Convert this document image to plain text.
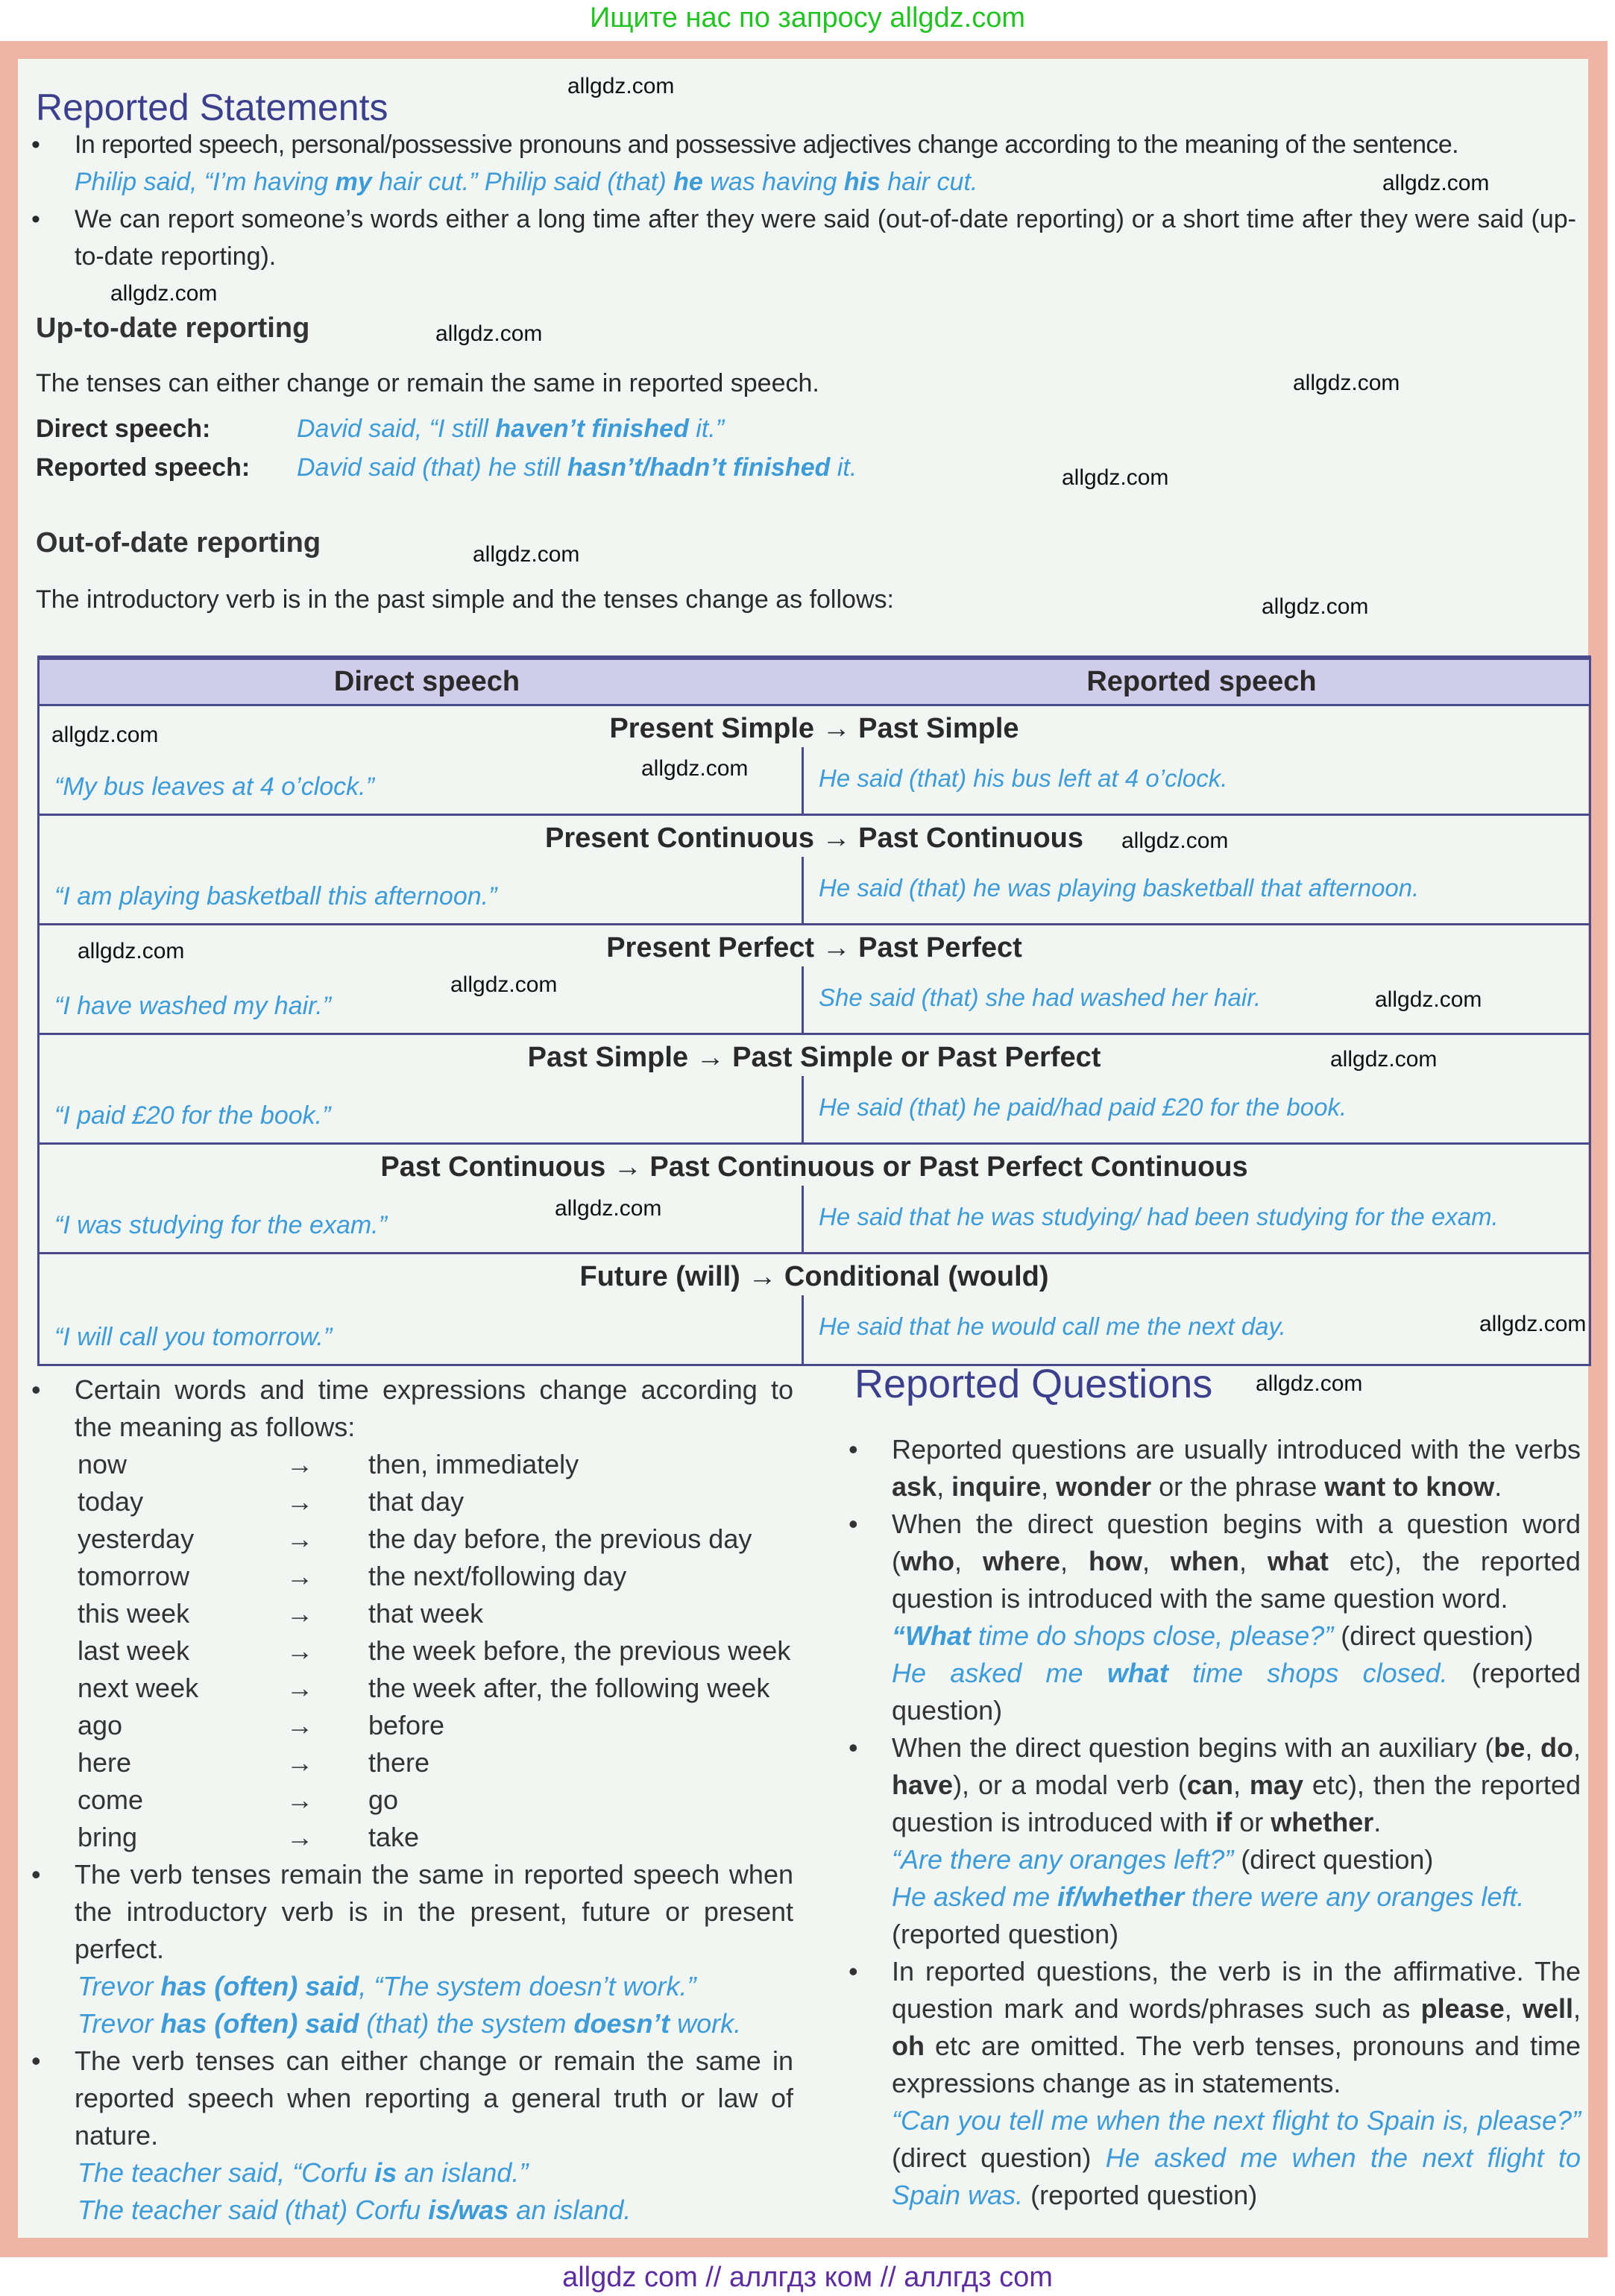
Ищите нас по запросу allgdz.com
Reported Statements
• In reported speech, personal/possessive pronouns and possessive adjectives change according to the meaning of the sentence.
Philip said, “I’m having my hair cut.” Philip said (that) he was having his hair cut.
• We can report someone’s words either a long time after they were said (out-of-date reporting) or a short time after they were said (up-to-date reporting).
Up-to-date reporting
The tenses can either change or remain the same in reported speech.
Direct speech:	David said, “I still haven’t finished it.”
Reported speech: David said (that) he still hasn’t/hadn’t finished it.
Out-of-date reporting
The introductory verb is in the past simple and the tenses change as follows:
Direct speech	Reported speech
Present Simple → Past Simple
“My bus leaves at 4 o’clock.”	He said (that) his bus left at 4 o’clock.
Present Continuous → Past Continuous
“I am playing basketball this afternoon.”	He said (that) he was playing basketball that afternoon.
Present Perfect → Past Perfect
“I have washed my hair.”	She said (that) she had washed her hair.
Past Simple → Past Simple or Past Perfect
“I paid £20 for the book.”	He said (that) he paid/had paid £20 for the book.
Past Continuous → Past Continuous or Past Perfect Continuous
“I was studying for the exam.”	He said that he was studying/ had been studying for the exam.
Future (will) → Conditional (would)
“I will call you tomorrow.”	He said that he would call me the next day.
• Certain words and time expressions change according to the meaning as follows:
now	→	then, immediately
today	→	that day
yesterday	→	the day before, the previous day
tomorrow	→	the next/following day
this week	→	that week
last week	→	the week before, the previous week
next week	→	the week after, the following week
ago	→	before
here	→	there
come	→	go
bring	→	take
• The verb tenses remain the same in reported speech when the introductory verb is in the present, future or present perfect.
Trevor has (often) said, “The system doesn’t work.”
Trevor has (often) said (that) the system doesn’t work.
• The verb tenses can either change or remain the same in reported speech when reporting a general truth or law of nature.
The teacher said, “Corfu is an island.”
The teacher said (that) Corfu is/was an island.
Reported Questions
• Reported questions are usually introduced with the verbs ask, inquire, wonder or the phrase want to know.
• When the direct question begins with a question word (who, where, how, when, what etc), the reported question is introduced with the same question word.
“What time do shops close, please?” (direct question)
He asked me what time shops closed. (reported question)
• When the direct question begins with an auxiliary (be, do, have), or a modal verb (can, may etc), then the reported question is introduced with if or whether.
“Are there any oranges left?” (direct question)
He asked me if/whether there were any oranges left.
(reported question)
• In reported questions, the verb is in the affirmative. The question mark and words/phrases such as please, well, oh etc are omitted. The verb tenses, pronouns and time expressions change as in statements.
“Can you tell me when the next flight to Spain is, please?” (direct question) He asked me when the next flight to Spain was. (reported question)
allgdz.com
allgdz.com
allgdz.com
allgdz.com
allgdz.com
allgdz.com
allgdz.com
allgdz.com
allgdz.com
allgdz.com
allgdz.com
allgdz.com
allgdz.com
allgdz.com
allgdz.com
allgdz.com
allgdz.com
allgdz.com
allgdz com // аллгдз ком // аллгдз com
